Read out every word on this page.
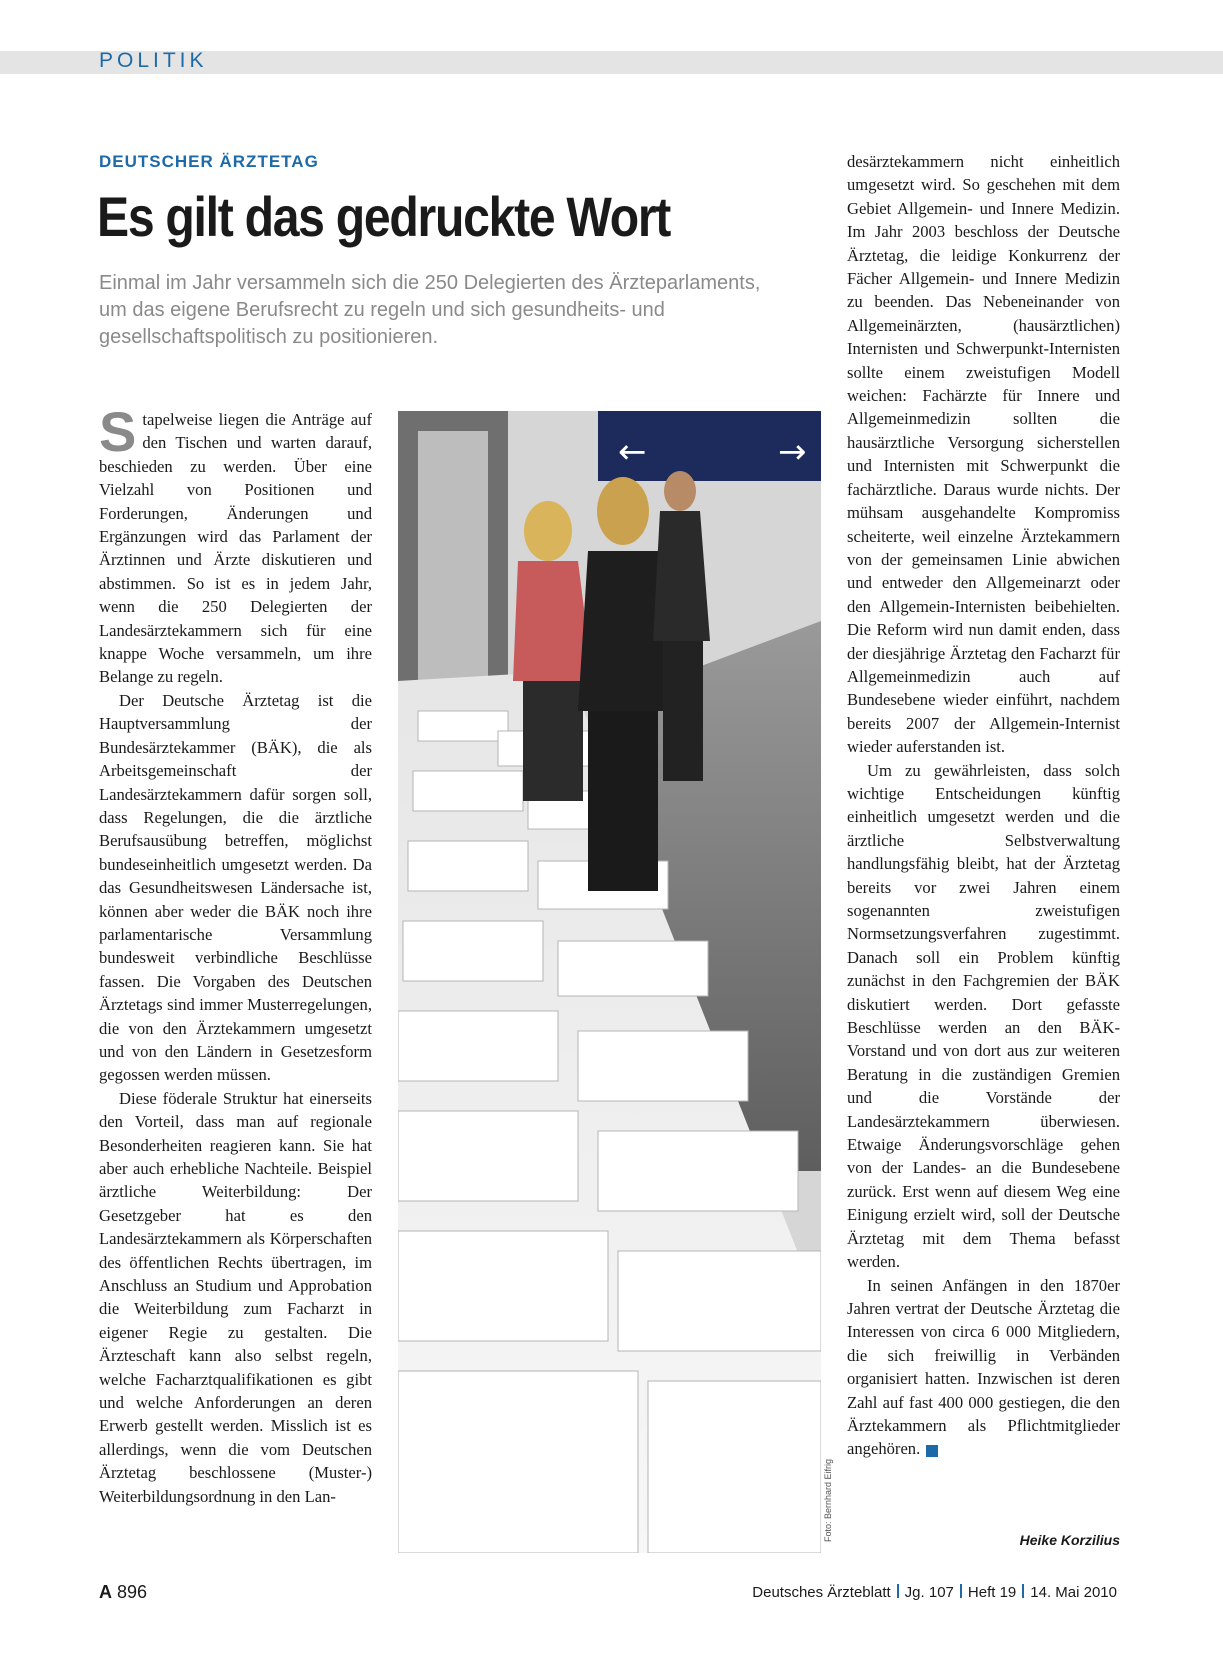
POLITIK
DEUTSCHER ÄRZTETAG
Es gilt das gedruckte Wort
Einmal im Jahr versammeln sich die 250 Delegierten des Ärzteparlaments, um das eigene Berufsrecht zu regeln und sich gesundheits- und gesellschaftspolitisch zu positionieren.

Stapelweise liegen die Anträge auf den Tischen und warten darauf, beschieden zu werden. Über eine Vielzahl von Positionen und Forderungen, Änderungen und Ergänzungen wird das Parlament der Ärztinnen und Ärzte diskutieren und abstimmen. So ist es in jedem Jahr, wenn die 250 Delegierten der Landesärztekammern sich für eine knappe Woche versammeln, um ihre Belange zu regeln.

Der Deutsche Ärztetag ist die Hauptversammlung der Bundesärztekammer (BÄK), die als Arbeitsgemeinschaft der Landesärztekammern dafür sorgen soll, dass Regelungen, die die ärztliche Berufsausübung betreffen, möglichst bundeseinheitlich umgesetzt werden. Da das Gesundheitswesen Ländersache ist, können aber weder die BÄK noch ihre parlamentarische Versammlung bundesweit verbindliche Beschlüsse fassen. Die Vorgaben des Deutschen Ärztetags sind immer Musterregelungen, die von den Ärztekammern umgesetzt und von den Ländern in Gesetzesform gegossen werden müssen.

Diese föderale Struktur hat einerseits den Vorteil, dass man auf regionale Besonderheiten reagieren kann. Sie hat aber auch erhebliche Nachteile. Beispiel ärztliche Weiterbildung: Der Gesetzgeber hat es den Landesärztekammern als Körperschaften des öffentlichen Rechts übertragen, im Anschluss an Studium und Approbation die Weiterbildung zum Facharzt in eigener Regie zu gestalten. Die Ärzteschaft kann also selbst regeln, welche Facharztqualifikationen es gibt und welche Anforderungen an deren Erwerb gestellt werden. Misslich ist es allerdings, wenn die vom Deutschen Ärztetag beschlossene (Muster-) Weiterbildungsordnung in den Lan-

←	→
Foto: Bernhard Eifrig

desärztekammern nicht einheitlich umgesetzt wird. So geschehen mit dem Gebiet Allgemein- und Innere Medizin. Im Jahr 2003 beschloss der Deutsche Ärztetag, die leidige Konkurrenz der Fächer Allgemein- und Innere Medizin zu beenden. Das Nebeneinander von Allgemeinärzten, (hausärztlichen) Internisten und Schwerpunkt-Internisten sollte einem zweistufigen Modell weichen: Fachärzte für Innere und Allgemeinmedizin sollten die hausärztliche Versorgung sicherstellen und Internisten mit Schwerpunkt die fachärztliche. Daraus wurde nichts. Der mühsam ausgehandelte Kompromiss scheiterte, weil einzelne Ärztekammern von der gemeinsamen Linie abwichen und entweder den Allgemeinarzt oder den Allgemein-Internisten beibehielten. Die Reform wird nun damit enden, dass der diesjährige Ärztetag den Facharzt für Allgemeinmedizin auch auf Bundesebene wieder einführt, nachdem bereits 2007 der Allgemein-Internist wieder auferstanden ist.

Um zu gewährleisten, dass solch wichtige Entscheidungen künftig einheitlich umgesetzt werden und die ärztliche Selbstverwaltung handlungsfähig bleibt, hat der Ärztetag bereits vor zwei Jahren einem sogenannten zweistufigen Normsetzungsverfahren zugestimmt. Danach soll ein Problem künftig zunächst in den Fachgremien der BÄK diskutiert werden. Dort gefasste Beschlüsse werden an den BÄK-Vorstand und von dort aus zur weiteren Beratung in die zuständigen Gremien und die Vorstände der Landesärztekammern überwiesen. Etwaige Änderungsvorschläge gehen von der Landes- an die Bundesebene zurück. Erst wenn auf diesem Weg eine Einigung erzielt wird, soll der Deutsche Ärztetag mit dem Thema befasst werden.

In seinen Anfängen in den 1870er Jahren vertrat der Deutsche Ärztetag die Interessen von circa 6 000 Mitgliedern, die sich freiwillig in Verbänden organisiert hatten. Inzwischen ist deren Zahl auf fast 400 000 gestiegen, die den Ärztekammern als Pflichtmitglieder angehören.

Heike Korzilius
A 896	Deutsches Ärzteblatt Jg. 107 Heft 19 14. Mai 2010
